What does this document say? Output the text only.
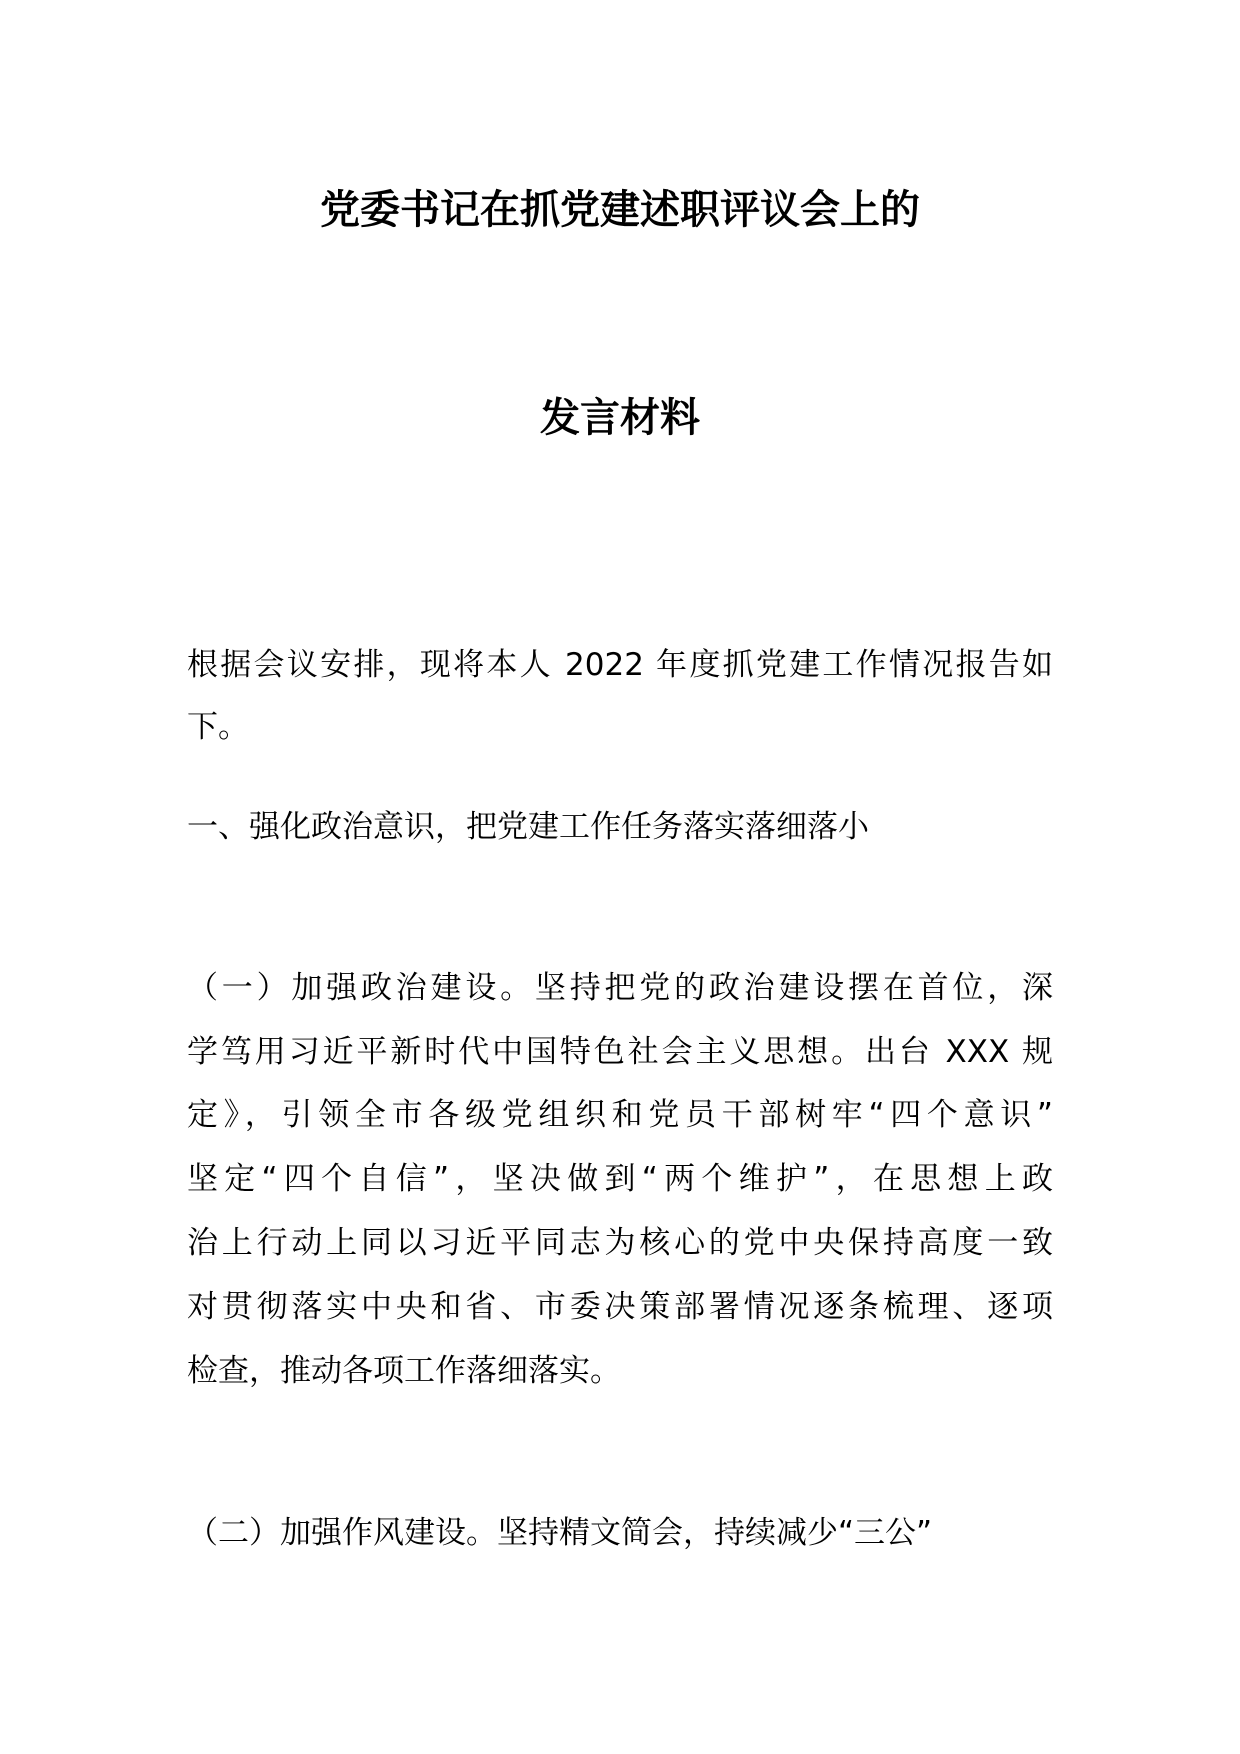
党委书记在抓党建述职评议会上的
发言材料
根据会议安排，现将本人 2022 年度抓党建工作情况报告如
下。
一、强化政治意识，把党建工作任务落实落细落小
（一）加强政治建设。坚持把党的政治建设摆在首位，深
学笃用习近平新时代中国特色社会主义思想。出台 XXX 规
定》，引领全市各级党组织和党员干部树牢“四个意识”
坚定“四个自信”，坚决做到“两个维护”，在思想上政
治上行动上同以习近平同志为核心的党中央保持高度一致
对贯彻落实中央和省、市委决策部署情况逐条梳理、逐项
检查，推动各项工作落细落实。
（二）加强作风建设。坚持精文简会，持续减少“三公”
